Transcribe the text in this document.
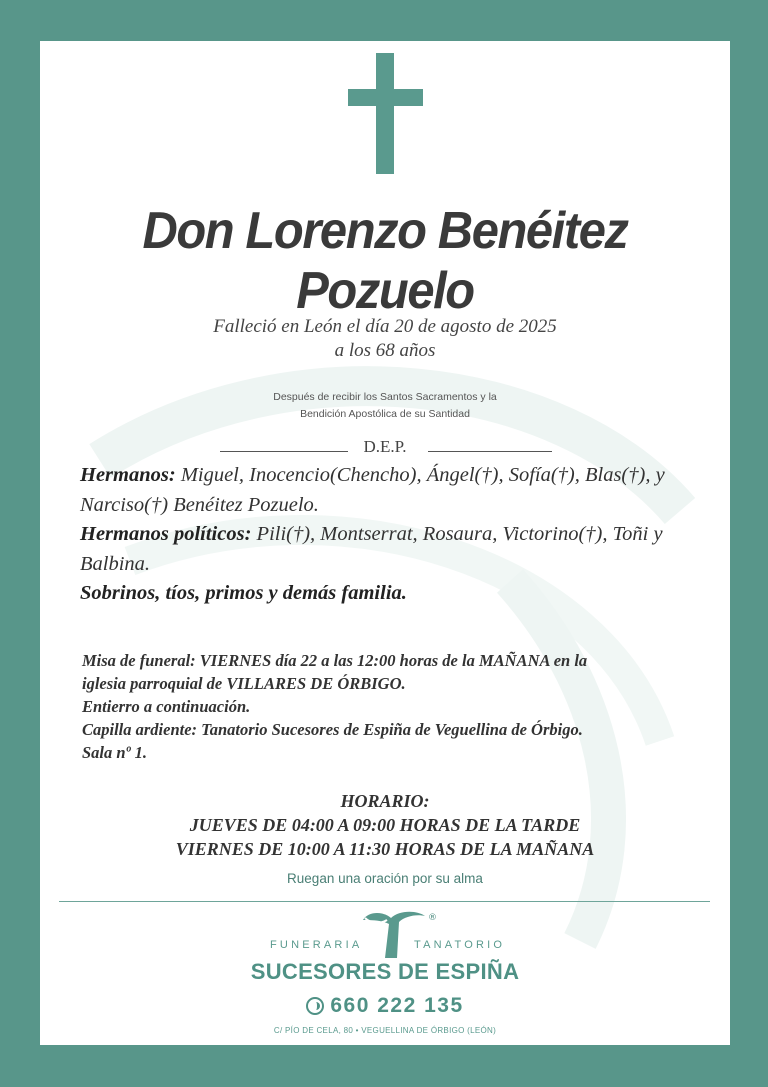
Don Lorenzo Benéitez Pozuelo
Falleció en León el día 20 de agosto de 2025
a los 68 años
Después de recibir los Santos Sacramentos y la
Bendición Apostólica de su Santidad
D.E.P.
Hermanos: Miguel, Inocencio(Chencho), Ángel(†), Sofía(†), Blas(†), y Narciso(†) Benéitez Pozuelo.
Hermanos políticos: Pili(†), Montserrat, Rosaura, Victorino(†), Toñi y Balbina.
Sobrinos, tíos, primos y demás familia.
Misa de funeral: VIERNES día 22 a las 12:00 horas de la MAÑANA en la
iglesia parroquial de VILLARES DE ÓRBIGO.
Entierro a continuación.
Capilla ardiente: Tanatorio Sucesores de Espiña de Veguellina de Órbigo.
Sala nº 1.
HORARIO:
JUEVES DE 04:00 A 09:00 HORAS DE LA TARDE
VIERNES DE 10:00 A 11:30 HORAS DE LA MAÑANA
Ruegan una oración por su alma
®
FUNERARIA	TANATORIO
SUCESORES DE ESPIÑA
660 222 135
C/ PÍO DE CELA, 80 • VEGUELLINA DE ÓRBIGO (LEÓN)
